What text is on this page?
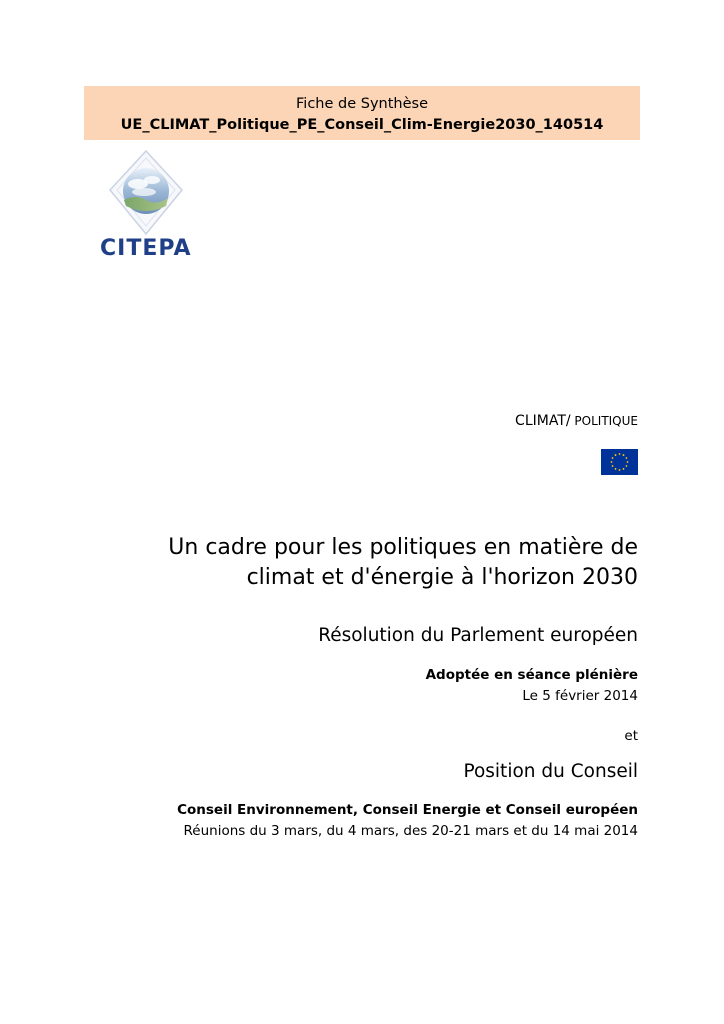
Fiche de Synthèse
UE_CLIMAT_Politique_PE_Conseil_Clim-Energie2030_140514
CITEPA
CLIMAT/ POLITIQUE
Un cadre pour les politiques en matière de
climat et d'énergie à l'horizon 2030
Résolution du Parlement européen
Adoptée en séance plénière
Le 5 février 2014
et
Position du Conseil
Conseil Environnement, Conseil Energie et Conseil européen
Réunions du 3 mars, du 4 mars, des 20-21 mars et du 14 mai 2014
